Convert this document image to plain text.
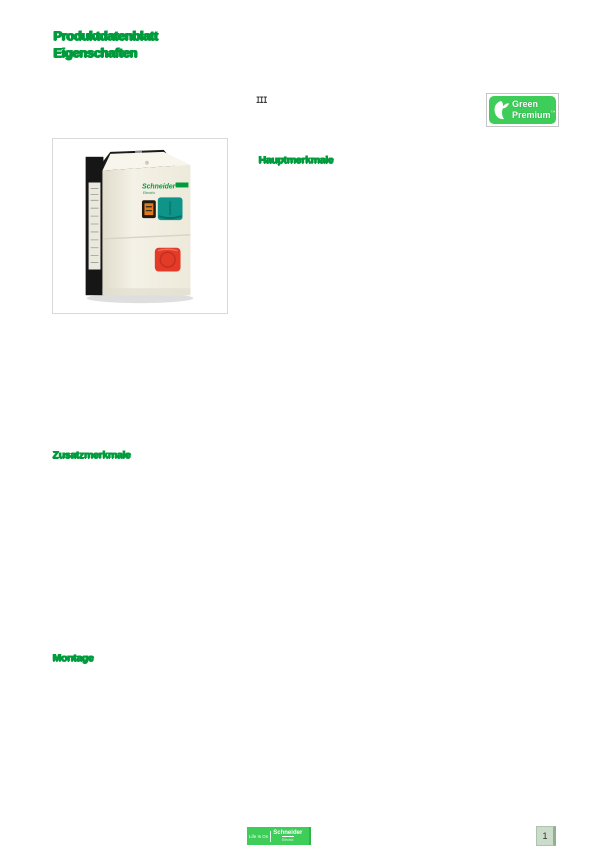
Produktdatenblatt
Eigenschaften
III	Green
Premium™
Schneider
Electric
Hauptmerkmale
Zusatzmerkmale
Montage
Life Is On Schneider
Electric	1
